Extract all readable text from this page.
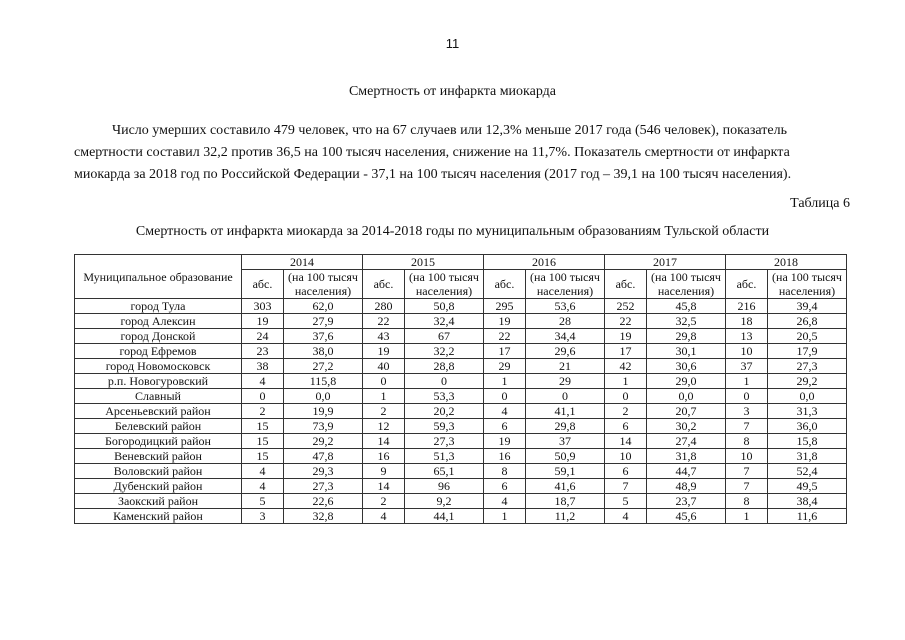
11
Смертность от инфаркта миокарда
Число умерших составило 479 человек, что на 67 случаев или 12,3% меньше 2017 года (546 человек), показатель
смертности составил 32,2 против 36,5 на 100 тысяч населения, снижение на 11,7%. Показатель смертности от инфаркта
миокарда за 2018 год по Российской Федерации - 37,1 на 100 тысяч населения (2017 год – 39,1 на 100 тысяч населения).
Таблица 6
Смертность от инфаркта миокарда за 2014-2018 годы по муниципальным образованиям Тульской области
Муниципальное образование	2014		2015		2016		2017		2018	
	абс.	(на 100 тысяч населения)	абс.	(на 100 тысяч населения)	абс.	(на 100 тысяч населения)	абс.	(на 100 тысяч населения)	абс.	(на 100 тысяч населения)
город Тула	303	62,0	280	50,8	295	53,6	252	45,8	216	39,4
город Алексин	19	27,9	22	32,4	19	28	22	32,5	18	26,8
город Донской	24	37,6	43	67	22	34,4	19	29,8	13	20,5
город Ефремов	23	38,0	19	32,2	17	29,6	17	30,1	10	17,9
город Новомосковск	38	27,2	40	28,8	29	21	42	30,6	37	27,3
р.п. Новогуровский	4	115,8	0	0	1	29	1	29,0	1	29,2
Славный	0	0,0	1	53,3	0	0	0	0,0	0	0,0
Арсеньевский район	2	19,9	2	20,2	4	41,1	2	20,7	3	31,3
Белевский район	15	73,9	12	59,3	6	29,8	6	30,2	7	36,0
Богородицкий район	15	29,2	14	27,3	19	37	14	27,4	8	15,8
Веневский район	15	47,8	16	51,3	16	50,9	10	31,8	10	31,8
Воловский район	4	29,3	9	65,1	8	59,1	6	44,7	7	52,4
Дубенский район	4	27,3	14	96	6	41,6	7	48,9	7	49,5
Заокский район	5	22,6	2	9,2	4	18,7	5	23,7	8	38,4
Каменский район	3	32,8	4	44,1	1	11,2	4	45,6	1	11,6
